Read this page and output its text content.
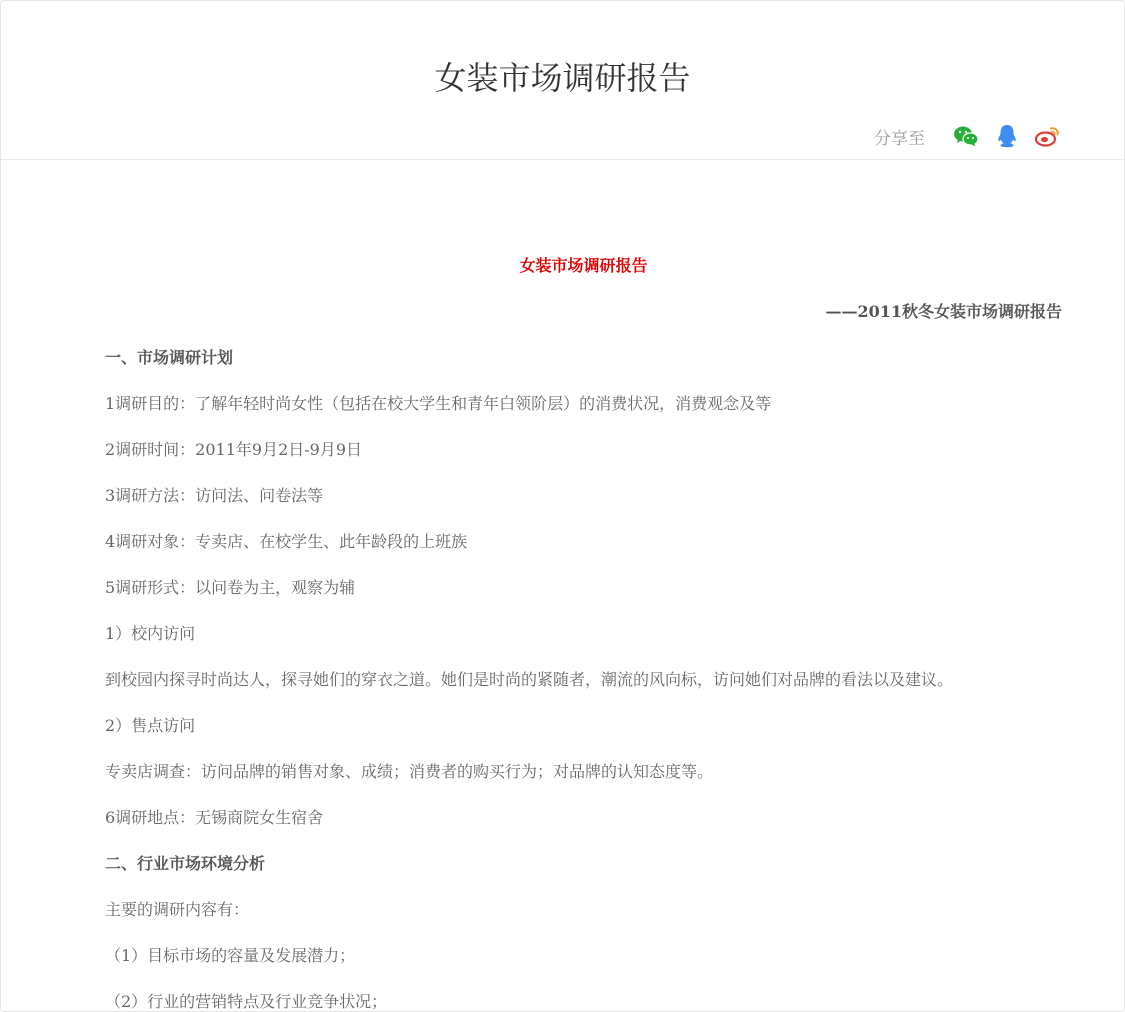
女装市场调研报告
分享至
女装市场调研报告
——2011秋冬女装市场调研报告
一、市场调研计划
1调研目的：了解年轻时尚女性（包括在校大学生和青年白领阶层）的消费状况，消费观念及等
2调研时间：2011年9月2日-9月9日
3调研方法：访问法、问卷法等
4调研对象：专卖店、在校学生、此年龄段的上班族
5调研形式：以问卷为主，观察为辅
1）校内访问
到校园内探寻时尚达人，探寻她们的穿衣之道。她们是时尚的紧随者，潮流的风向标，访问她们对品牌的看法以及建议。
2）售点访问
专卖店调查：访问品牌的销售对象、成绩；消费者的购买行为；对品牌的认知态度等。
6调研地点：无锡商院女生宿舍
二、行业市场环境分析
主要的调研内容有：
（1）目标市场的容量及发展潜力；
（2）行业的营销特点及行业竞争状况；
